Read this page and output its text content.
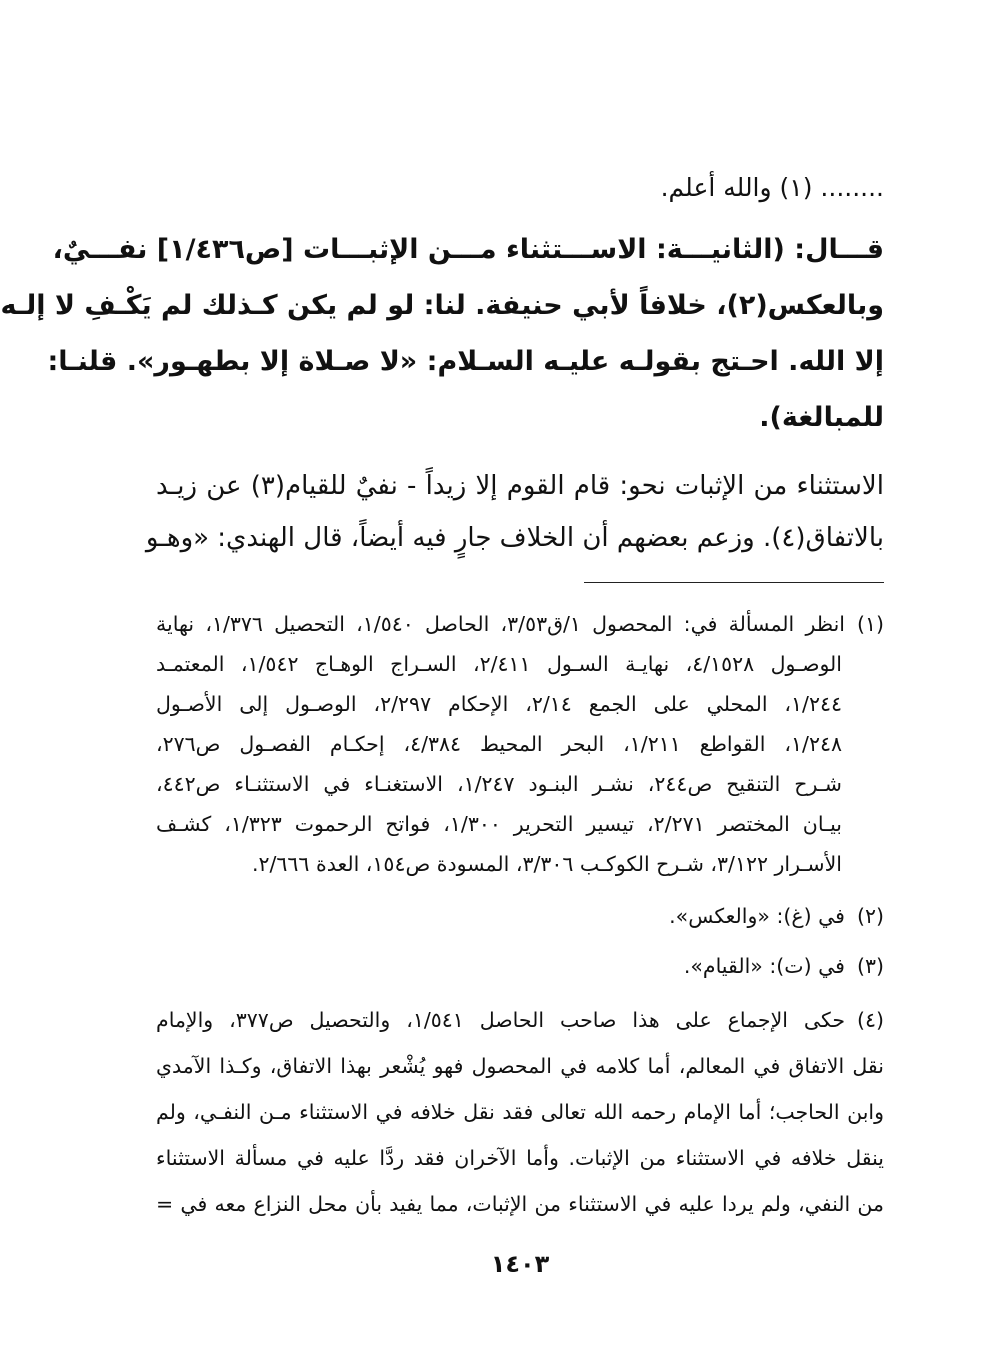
........ (١) والله أعلم.
قـــال: (الثانيـــة: الاســـتثناء مـــن الإثبـــات [ص١/٤٣٦] نفـــيٌ،
وبالعكس(٢)، خلافاً لأبي حنيفة. لنا: لو لم يكن كـذلك لم يَكْـفِ لا إلـه
إلا الله. احـتج بقولـه عليـه السـلام: «لا صـلاة إلا بطهـور». قلنـا:
للمبالغة).
الاستثناء من الإثبات نحو: قام القوم إلا زيداً - نفيٌ للقيام(٣) عن زيـد
بالاتفاق(٤). وزعم بعضهم أن الخلاف جارٍ فيه أيضاً، قال الهندي: «وهـو
(١)انظر المسألة في: المحصول ١/ق٣/٥٣، الحاصل ١/٥٤٠، التحصيل ١/٣٧٦، نهاية
الوصـول ٤/١٥٢٨، نهايـة السـول ٢/٤١١، السـراج الوهـاج ١/٥٤٢، المعتمـد
١/٢٤٤، المحلي على الجمع ٢/١٤، الإحكام ٢/٢٩٧، الوصـول إلى الأصـول
١/٢٤٨، القواطع ١/٢١١، البحر المحيط ٤/٣٨٤، إحكـام الفصـول ص٢٧٦،
شـرح التنقيح ص٢٤٤، نشـر البنـود ١/٢٤٧، الاستغنـاء في الاستثنـاء ص٤٤٢،
بيـان المختصر ٢/٢٧١، تيسير التحرير ١/٣٠٠، فواتح الرحموت ١/٣٢٣، كشـف
الأسـرار ٣/١٢٢، شـرح الكوكـب ٣/٣٠٦، المسودة ص١٥٤، العدة ٢/٦٦٦.
(٢)في (غ): «والعكس».
(٣)في (ت): «القيام».
(٤)حكى الإجماع على هذا صاحب الحاصل ١/٥٤١، والتحصيل ص٣٧٧، والإمام
نقل الاتفاق في المعالم، أما كلامه في المحصول فهو يُشْعر بهذا الاتفاق، وكـذا الآمدي
وابن الحاجب؛ أما الإمام رحمه الله تعالى فقد نقل خلافه في الاستثناء مـن النفـي، ولم
ينقل خلافه في الاستثناء من الإثبات. وأما الآخران فقد ردَّا عليه في مسألة الاستثناء
من النفي، ولم يردا عليه في الاستثناء من الإثبات، مما يفيد بأن محل النزاع معه في =
١٤٠٣
